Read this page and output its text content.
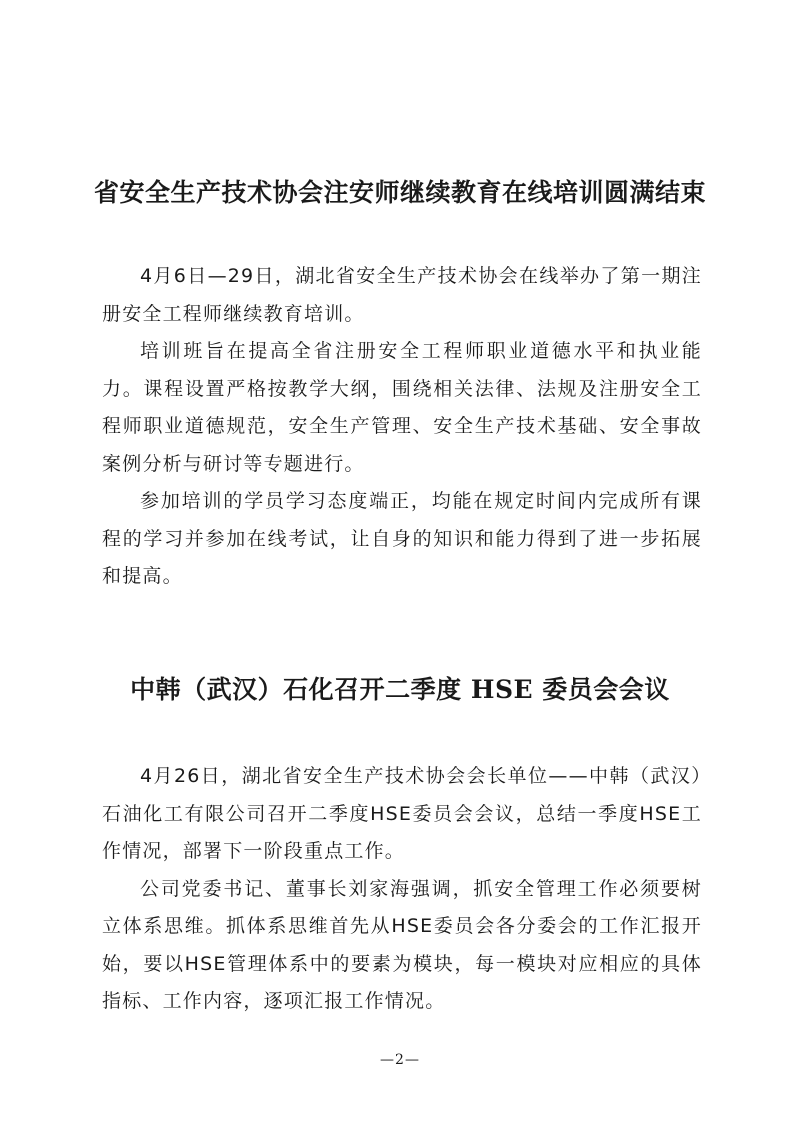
省安全生产技术协会注安师继续教育在线培训圆满结束

4月6日—29日，湖北省安全生产技术协会在线举办了第一期注册安全工程师继续教育培训。

培训班旨在提高全省注册安全工程师职业道德水平和执业能力。课程设置严格按教学大纲，围绕相关法律、法规及注册安全工程师职业道德规范，安全生产管理、安全生产技术基础、安全事故案例分析与研讨等专题进行。

参加培训的学员学习态度端正，均能在规定时间内完成所有课程的学习并参加在线考试，让自身的知识和能力得到了进一步拓展和提高。

中韩（武汉）石化召开二季度 HSE 委员会会议

4月26日，湖北省安全生产技术协会会长单位——中韩（武汉）石油化工有限公司召开二季度HSE委员会会议，总结一季度HSE工作情况，部署下一阶段重点工作。

公司党委书记、董事长刘家海强调，抓安全管理工作必须要树立体系思维。抓体系思维首先从HSE委员会各分委会的工作汇报开始，要以HSE管理体系中的要素为模块，每一模块对应相应的具体指标、工作内容，逐项汇报工作情况。

—2—
